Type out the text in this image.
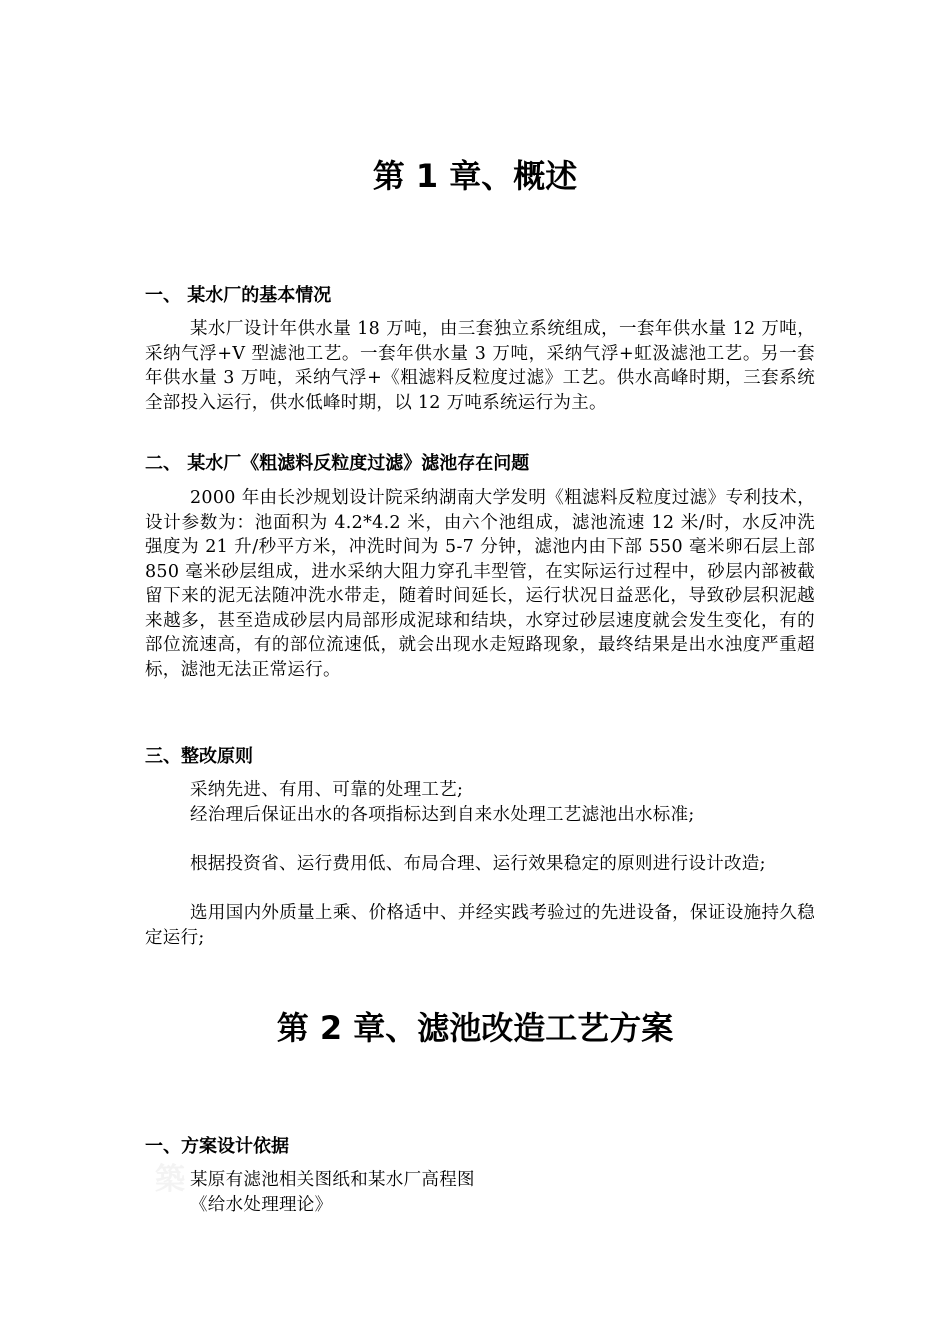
第 1 章、概述
一、 某水厂的基本情况

某水厂设计年供水量 18 万吨，由三套独立系统组成，一套年供水量 12 万吨，采纳气浮+V 型滤池工艺。一套年供水量 3 万吨，采纳气浮+虹汲滤池工艺。另一套年供水量 3 万吨，采纳气浮+《粗滤料反粒度过滤》工艺。供水高峰时期，三套系统全部投入运行，供水低峰时期，以 12 万吨系统运行为主。

二、 某水厂《粗滤料反粒度过滤》滤池存在问题

2000 年由长沙规划设计院采纳湖南大学发明《粗滤料反粒度过滤》专利技术，设计参数为：池面积为 4.2*4.2 米，由六个池组成，滤池流速 12 米/时，水反冲洗强度为 21 升/秒平方米，冲洗时间为 5-7 分钟，滤池内由下部 550 毫米卵石层上部 850 毫米砂层组成，进水采纳大阻力穿孔丰型管，在实际运行过程中，砂层内部被截留下来的泥无法随冲洗水带走，随着时间延长，运行状况日益恶化，导致砂层积泥越来越多，甚至造成砂层内局部形成泥球和结块，水穿过砂层速度就会发生变化，有的部位流速高，有的部位流速低，就会出现水走短路现象，最终结果是出水浊度严重超标，滤池无法正常运行。

三、整改原则

采纳先进、有用、可靠的处理工艺;

经治理后保证出水的各项指标达到自来水处理工艺滤池出水标准;

根据投资省、运行费用低、布局合理、运行效果稳定的原则进行设计改造;

选用国内外质量上乘、价格适中、并经实践考验过的先进设备，保证设施持久稳定运行;

第 2 章、滤池改造工艺方案
一、方案设计依据
築 某原有滤池相关图纸和某水厂高程图

《给水处理理论》
